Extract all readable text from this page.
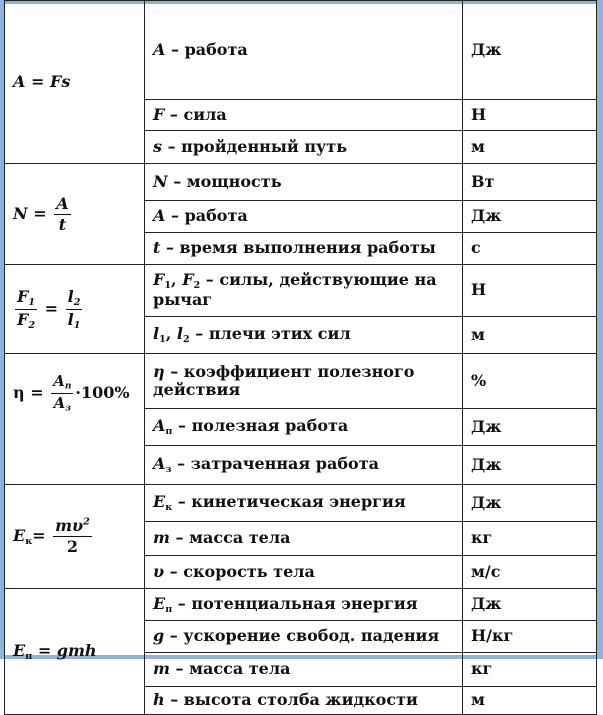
A = Fs	A – работа	Дж
	F – сила	Н
	s – пройденный путь	м
$N = \frac{A}{t}$	N – мощность	Вт
	A – работа	Дж
	t – время выполнения работы	с

$\frac{F_1}{F_2} = \frac{l_2}{l_1}$	$F_1$, $F_2$ – силы, действующие на рычаг	Н
	$l_1$, $l_2$ – плечи этих сил	м
$\eta = \frac{A_п}{A_з} \cdot 100\%$	η – коэффициент полезного действия	%
	$A_п$ – полезная работа	Дж
	$A_з$ – затраченная работа	Дж
$E_к= \frac{m\upsilon^2}{2}$	$E_к$ – кинетическая энергия	Дж
	m – масса тела	кг
	υ – скорость тела	м/с
$E_п$ = gmh	$E_п$ – потенциальная энергия	Дж
	g – ускорение свобод. падения	Н/кг
	m – масса тела	кг
	h – высота столба жидкости	м
